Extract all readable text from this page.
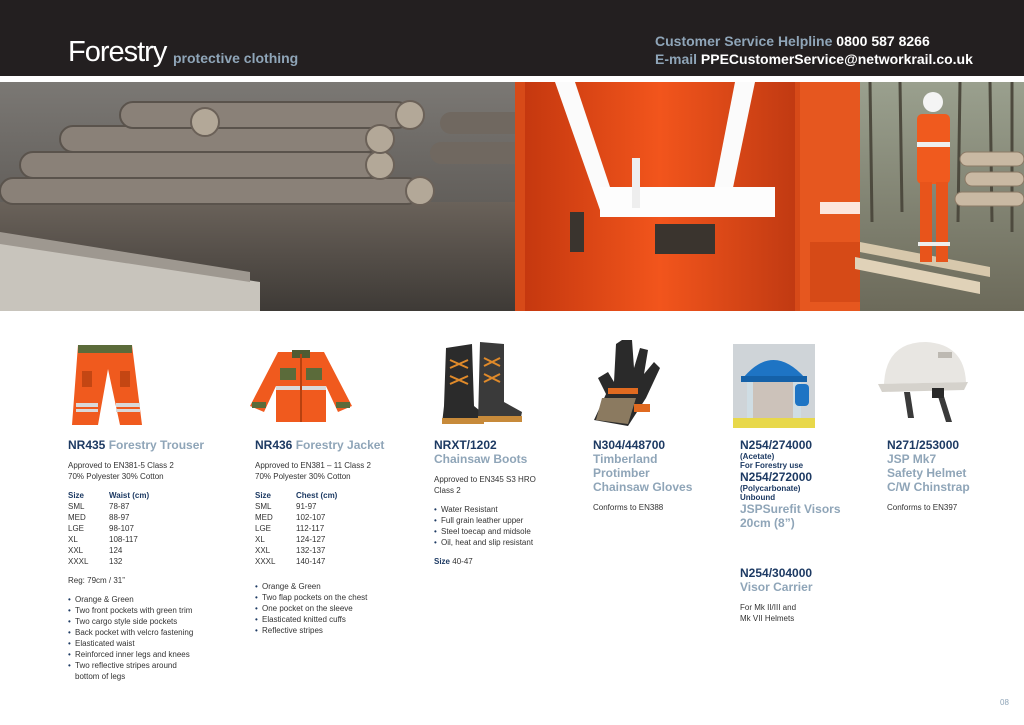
Forestry protective clothing
Customer Service Helpline 0800 587 8266
E-mail PPECustomerService@networkrail.co.uk
NR435 Forestry Trouser
Approved to EN381-5 Class 2
70% Polyester 30% Cotton
Size	Waist (cm)
SML	78-87
MED	88-97
LGE	98-107
XL	108-117
XXL	124
XXXL	132
Reg: 79cm / 31”
• Orange & Green
• Two front pockets with green trim
• Two cargo style side pockets
• Back pocket with velcro fastening
• Elasticated waist
• Reinforced inner legs and knees
• Two reflective stripes around bottom of legs
NR436 Forestry Jacket
Approved to EN381 – 11 Class 2
70% Polyester 30% Cotton
Size	Chest (cm)
SML	91-97
MED	102-107
LGE	112-117
XL	124-127
XXL	132-137
XXXL	140-147
• Orange & Green
• Two flap pockets on the chest
• One pocket on the sleeve
• Elasticated knitted cuffs
• Reflective stripes
NRXT/1202
Chainsaw Boots
Approved to EN345 S3 HRO
Class 2
• Water Resistant
• Full grain leather upper
• Steel toecap and midsole
• Oil, heat and slip resistant
Size 40-47
N304/448700
Timberland
Protimber
Chainsaw Gloves
Conforms to EN388
N254/274000
(Acetate)
For Forestry use
N254/272000
(Polycarbonate)
Unbound
JSPSurefit Visors
20cm (8”)
N254/304000
Visor Carrier
For Mk II/III and
Mk VII Helmets
N271/253000
JSP Mk7
Safety Helmet
C/W Chinstrap
Conforms to EN397
08
